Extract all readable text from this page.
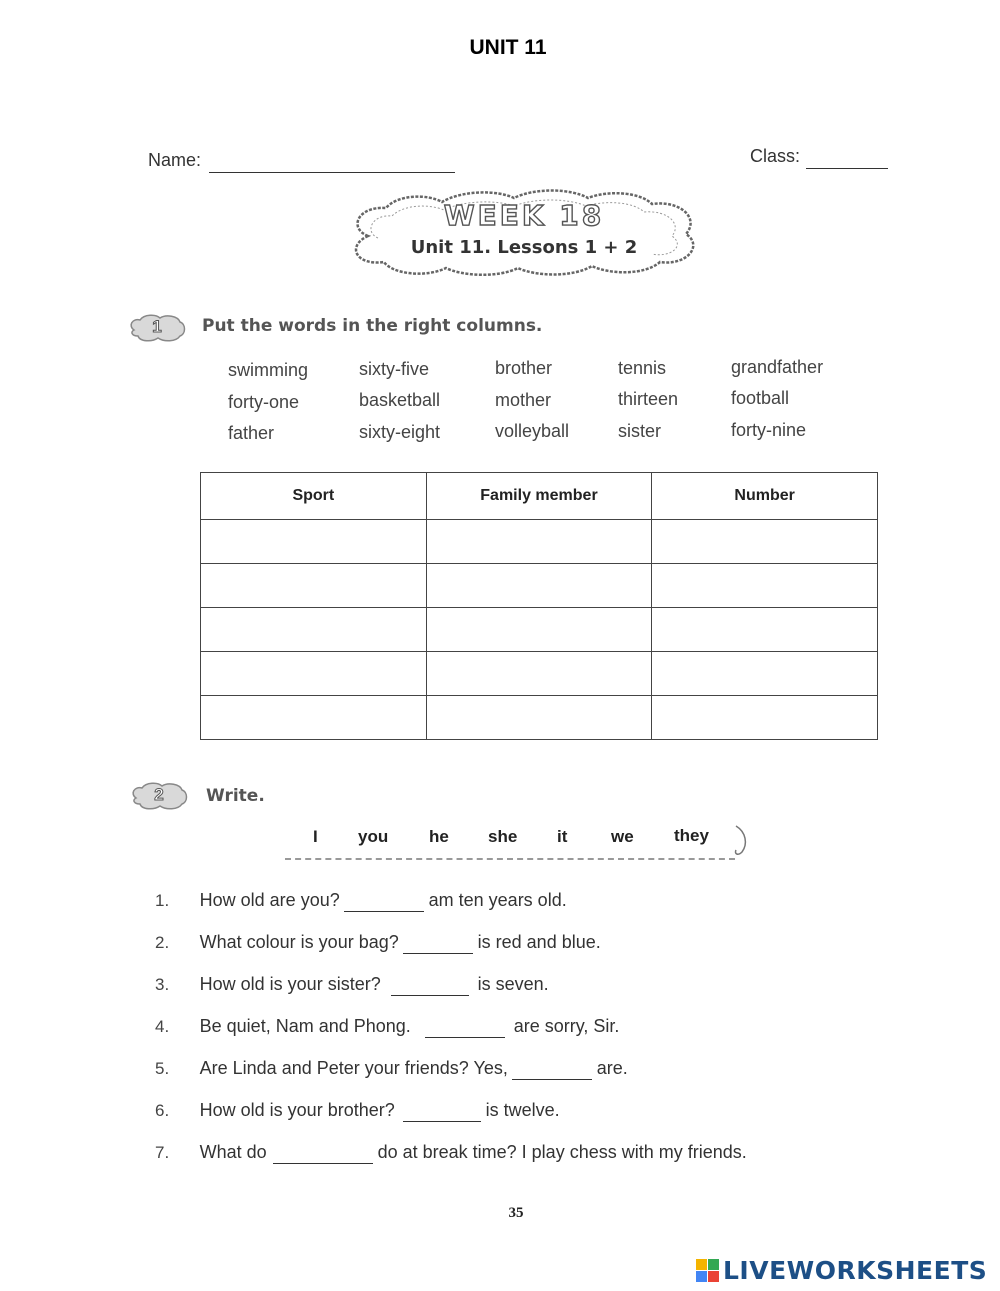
UNIT 11
Name:	Class:
WEEK 18
Unit 11. Lessons 1 + 2
1	Put the words in the right columns.
swimming	sixty-five	brother	tennis	grandfather
forty-one	basketball	mother	thirteen	football
father	sixty-eight	volleyball	sister	forty-nine
Sport	Family member	Number

2	Write.
I you he she it	we they
1. How old are you?	am ten years old.
2. What colour is your bag?	is red and blue.
3. How old is your sister?	is seven.
4. Be quiet, Nam and Phong.	are sorry, Sir.
5. Are Linda and Peter your friends? Yes,	are.
6. How old is your brother?	is twelve.
7. What do	do at break time? I play chess with my friends.
35
LIVEWORKSHEETS
